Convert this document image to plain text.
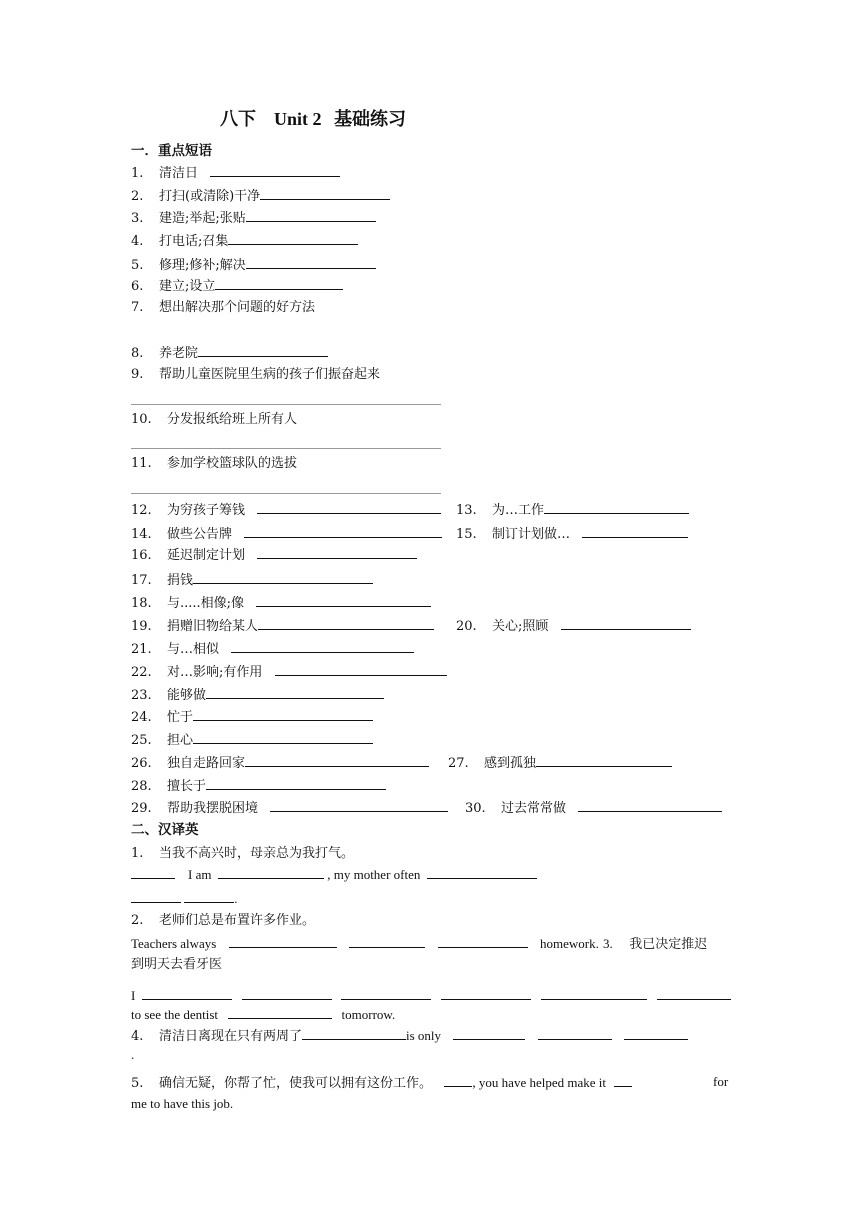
八下 Unit 2 基础练习
一．重点短语
1. 清洁日
2. 打扫(或清除)干净
3. 建造;举起;张贴
4. 打电话;召集
5. 修理;修补;解决
6. 建立;设立
7. 想出解决那个问题的好方法
8. 养老院
9. 帮助儿童医院里生病的孩子们振奋起来
10. 分发报纸给班上所有人
11. 参加学校篮球队的选拔
12. 为穷孩子筹钱	13. 为…工作
14. 做些公告牌	15. 制订计划做…
16. 延迟制定计划
17. 捐钱
18. 与.....相像;像
19. 捐赠旧物给某人	20. 关心;照顾
21. 与…相似
22. 对…影响;有作用
23. 能够做
24. 忙于
25. 担心
26. 独自走路回家	27. 感到孤独
28. 擅长于
29. 帮助我摆脱困境	30. 过去常常做
二、汉译英
1. 当我不高兴时，母亲总为我打气。
I am	, my mother often
.
2. 老师们总是布置许多作业。
Teachers always	homework. 3. 我已决定推迟
到明天去看牙医
I
to see the dentist	tomorrow.
4. 清洁日离现在只有两周了	is only
.
5. 确信无疑，你帮了忙，使我可以拥有这份工作。	, you have helped make it	for
me to have this job.
